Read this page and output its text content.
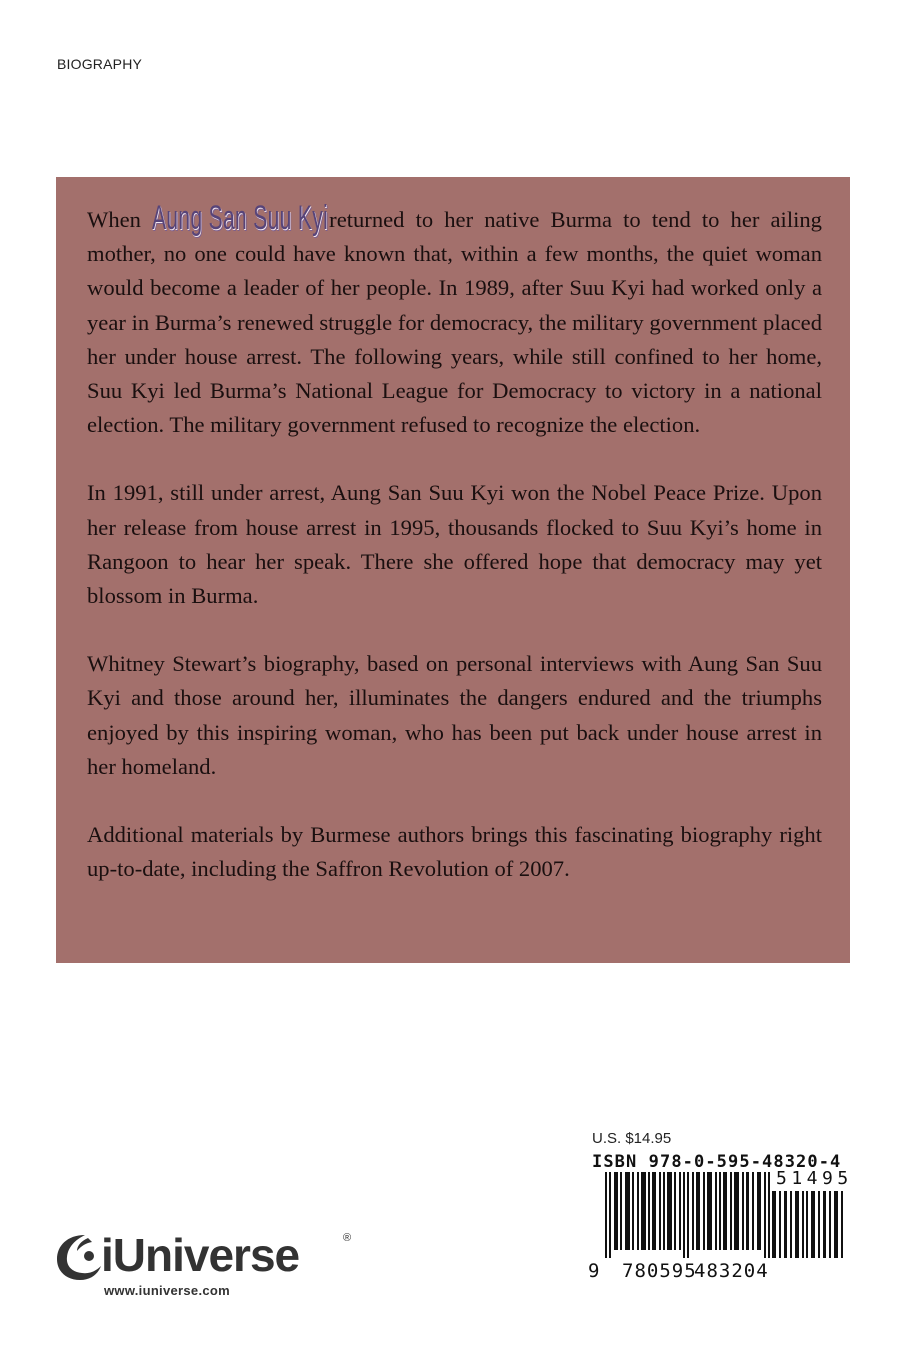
BIOGRAPHY

When Aung San Suu Kyi returned to her native Burma to tend to her ailing mother, no one could have known that, within a few months, the quiet woman would become a leader of her people. In 1989, after Suu Kyi had worked only a year in Burma’s renewed struggle for democracy, the military government placed her under house arrest. The following years, while still confined to her home, Suu Kyi led Burma’s National League for Democracy to victory in a national election. The military government refused to recognize the election.

In 1991, still under arrest, Aung San Suu Kyi won the Nobel Peace Prize. Upon her release from house arrest in 1995, thousands flocked to Suu Kyi’s home in Rangoon to hear her speak. There she offered hope that democracy may yet blossom in Burma.

Whitney Stewart’s biography, based on personal interviews with Aung San Suu Kyi and those around her, illuminates the dangers endured and the triumphs enjoyed by this inspiring woman, who has been put back under house arrest in her homeland.

Additional materials by Burmese authors brings this fascinating biography right up-to-date, including the Saffron Revolution of 2007.

U.S. $14.95
ISBN 978-0-595-48320-4
51495
9 780595
483204
iUniverse	®
www.iuniverse.com
